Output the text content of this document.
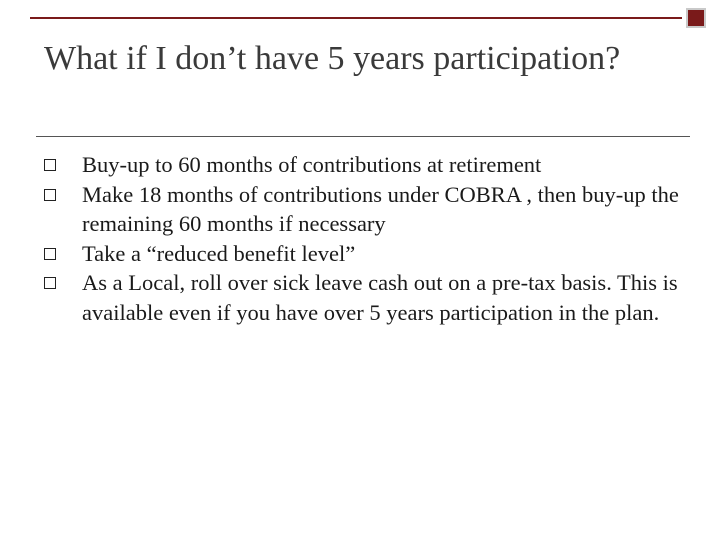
What if I don’t have 5 years participation?
Buy-up to 60 months of contributions at retirement
Make 18 months of contributions under COBRA , then buy-up the remaining 60 months if necessary
Take a “reduced benefit level”
As a Local, roll over sick leave cash out on a pre-tax basis. This is available even if you have over 5 years participation in the plan.
